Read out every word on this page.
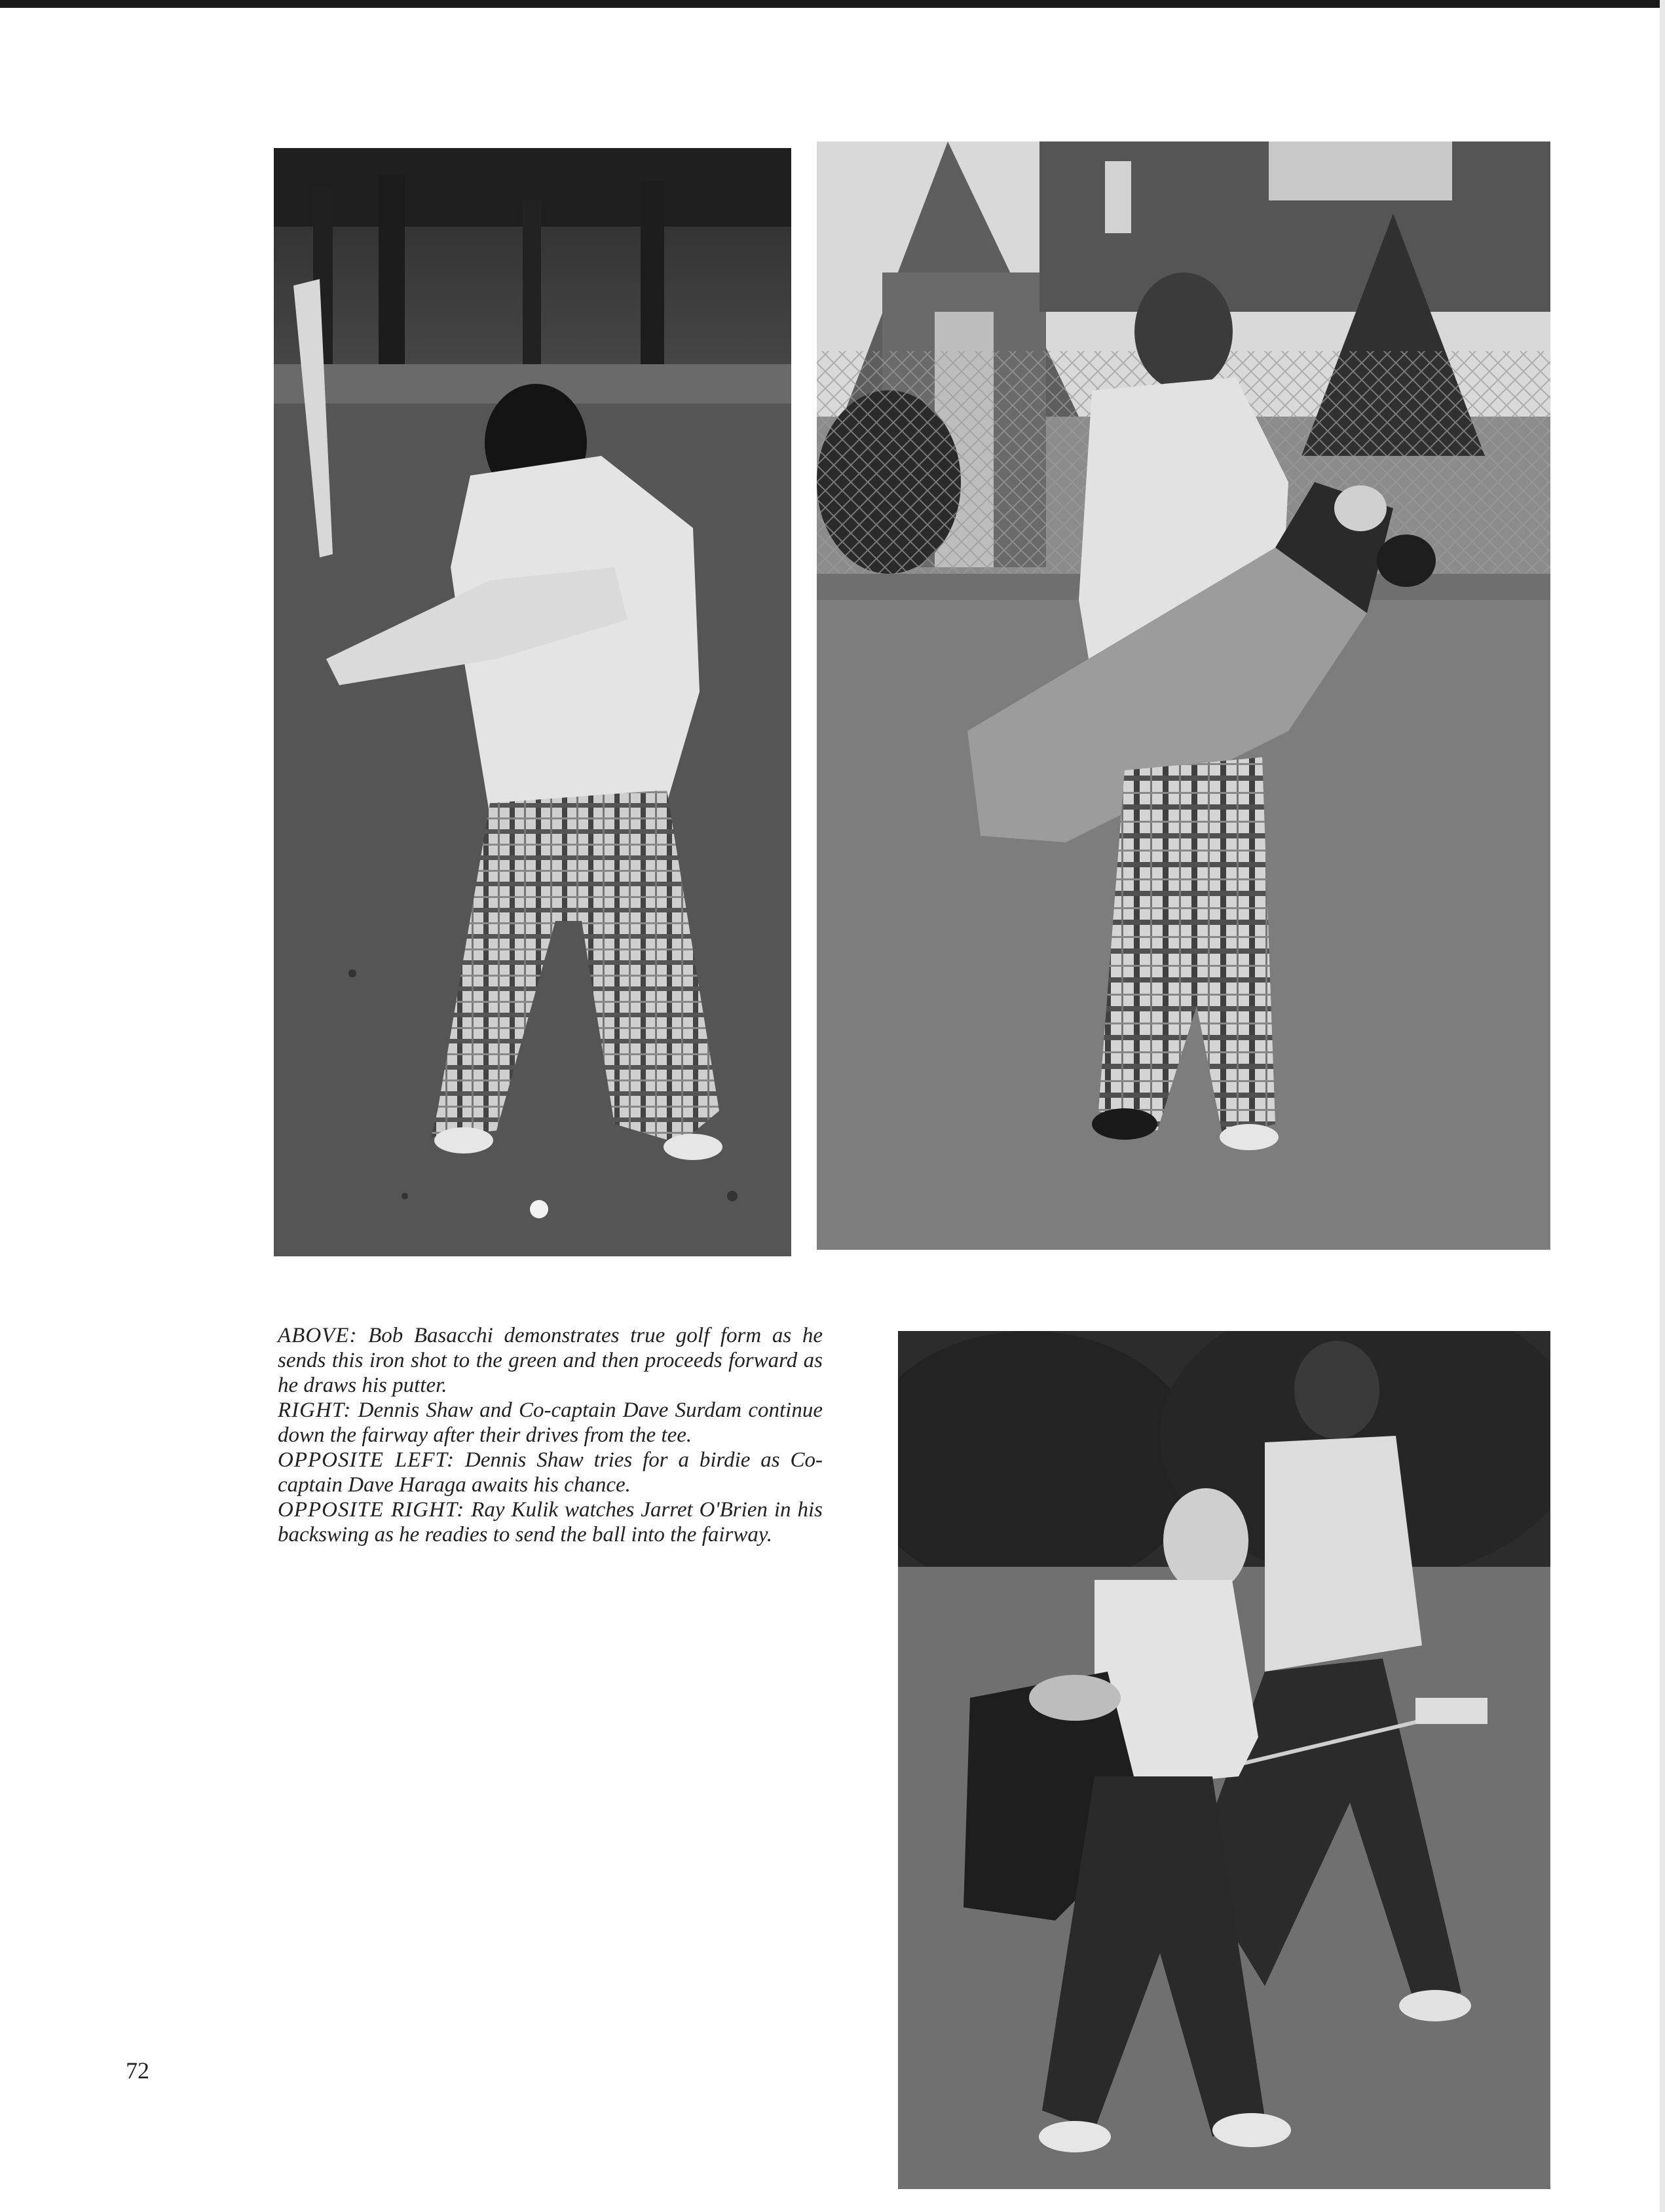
ABOVE: Bob Basacchi demonstrates true golf form as he sends this iron shot to the green and then proceeds forward as he draws his putter.

RIGHT: Dennis Shaw and Co-captain Dave Surdam continue down the fairway after their drives from the tee.

OPPOSITE LEFT: Dennis Shaw tries for a birdie as Co-captain Dave Haraga awaits his chance.

OPPOSITE RIGHT: Ray Kulik watches Jarret O'Brien in his backswing as he readies to send the ball into the fairway.

72
